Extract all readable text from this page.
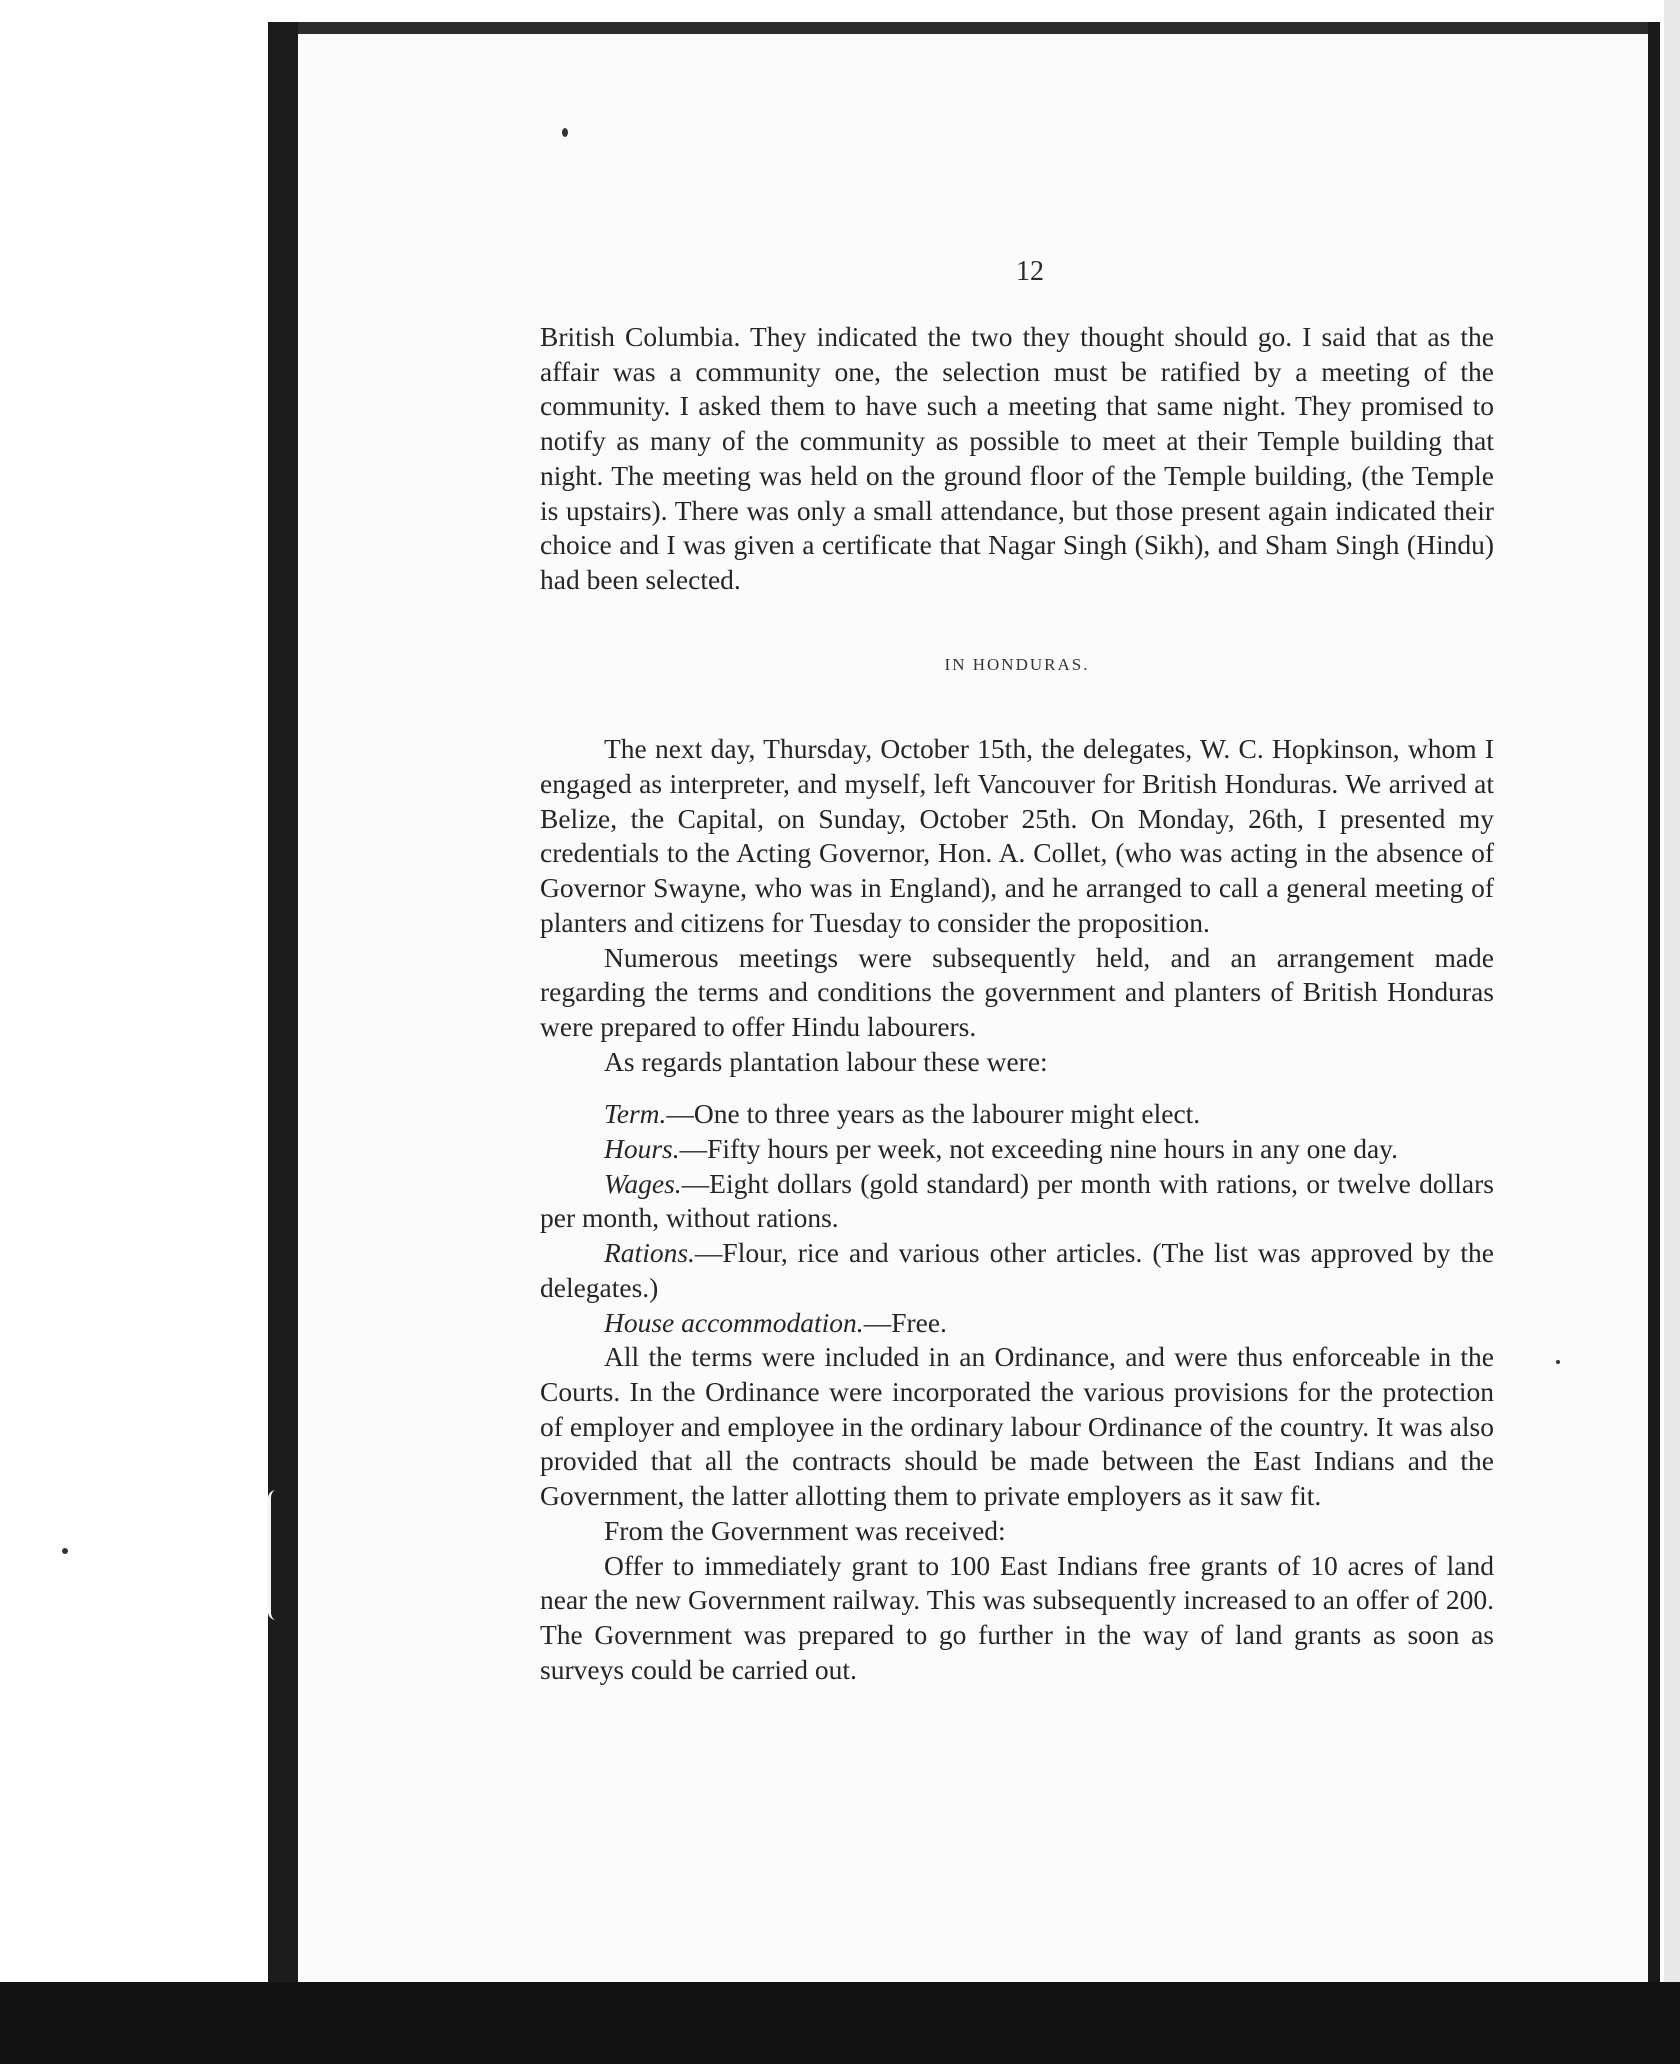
12

British Columbia. They indicated the two they thought should go. I said that as the affair was a community one, the selection must be ratified by a meeting of the community. I asked them to have such a meeting that same night. They promised to notify as many of the community as possible to meet at their Temple building that night. The meeting was held on the ground floor of the Temple building, (the Temple is upstairs). There was only a small attendance, but those present again indicated their choice and I was given a certificate that Nagar Singh (Sikh), and Sham Singh (Hindu) had been selected.

IN HONDURAS.

The next day, Thursday, October 15th, the delegates, W. C. Hopkinson, whom I engaged as interpreter, and myself, left Vancouver for British Honduras. We arrived at Belize, the Capital, on Sunday, October 25th. On Monday, 26th, I presented my credentials to the Acting Governor, Hon. A. Collet, (who was acting in the absence of Governor Swayne, who was in England), and he arranged to call a general meeting of planters and citizens for Tuesday to consider the proposition.

Numerous meetings were subsequently held, and an arrangement made regarding the terms and conditions the government and planters of British Honduras were prepared to offer Hindu labourers.

As regards plantation labour these were:

Term.—One to three years as the labourer might elect.

Hours.—Fifty hours per week, not exceeding nine hours in any one day.

Wages.—Eight dollars (gold standard) per month with rations, or twelve dollars per month, without rations.

Rations.—Flour, rice and various other articles. (The list was approved by the delegates.)

House accommodation.—Free.

All the terms were included in an Ordinance, and were thus enforceable in the Courts. In the Ordinance were incorporated the various provisions for the protection of employer and employee in the ordinary labour Ordinance of the country. It was also provided that all the contracts should be made between the East Indians and the Government, the latter allotting them to private employers as it saw fit.

From the Government was received:

Offer to immediately grant to 100 East Indians free grants of 10 acres of land near the new Government railway. This was subsequently increased to an offer of 200. The Government was prepared to go further in the way of land grants as soon as surveys could be carried out.
